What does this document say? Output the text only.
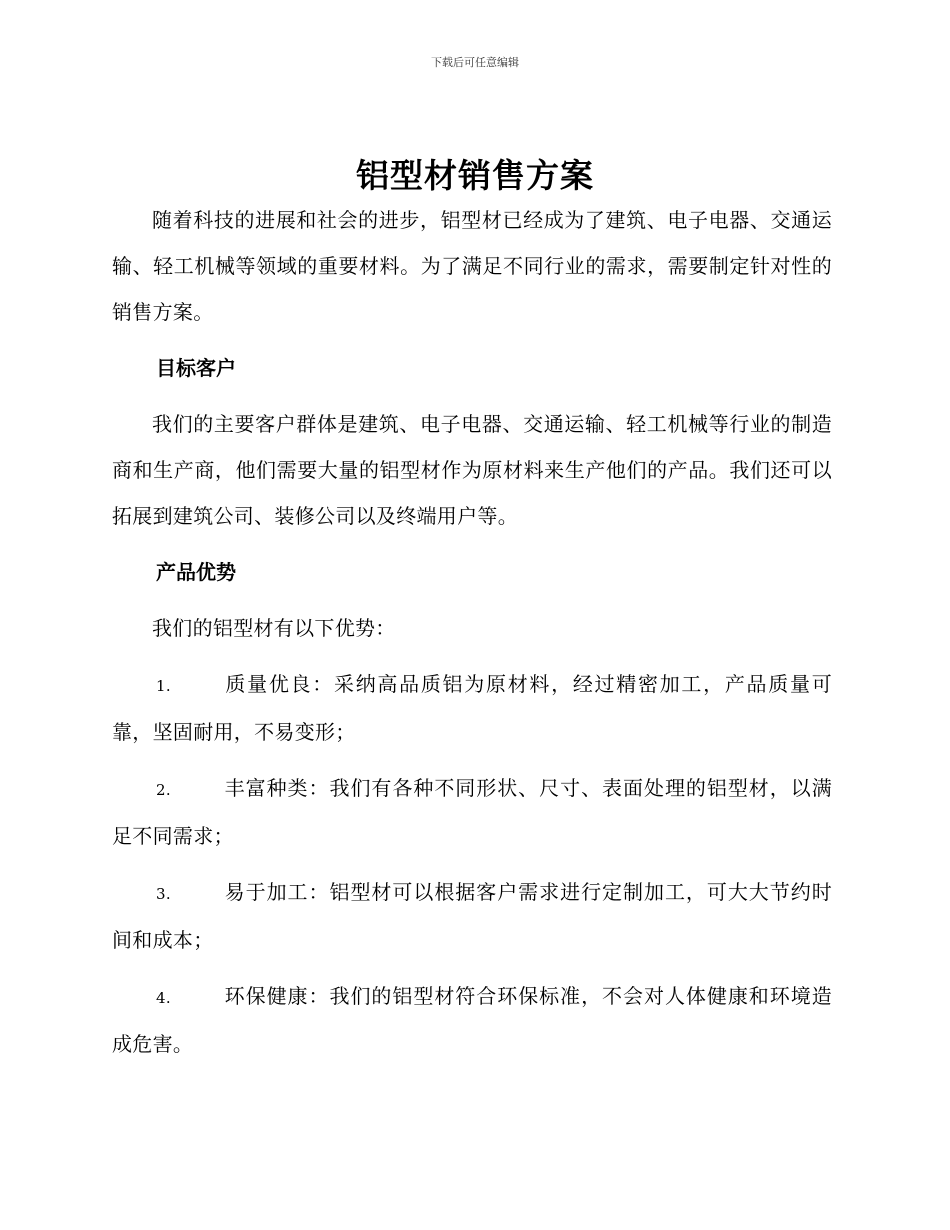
下载后可任意编辑
铝型材销售方案

随着科技的进展和社会的进步，铝型材已经成为了建筑、电子电器、交通运输、轻工机械等领域的重要材料。为了满足不同行业的需求，需要制定针对性的销售方案。

目标客户

我们的主要客户群体是建筑、电子电器、交通运输、轻工机械等行业的制造商和生产商，他们需要大量的铝型材作为原材料来生产他们的产品。我们还可以拓展到建筑公司、装修公司以及终端用户等。

产品优势

我们的铝型材有以下优势：

1.	质量优良：采纳高品质铝为原材料，经过精密加工，产品质量可靠，坚固耐用，不易变形；

2.	丰富种类：我们有各种不同形状、尺寸、表面处理的铝型材，以满足不同需求；

3.	易于加工：铝型材可以根据客户需求进行定制加工，可大大节约时间和成本；

4.	环保健康：我们的铝型材符合环保标准，不会对人体健康和环境造成危害。
